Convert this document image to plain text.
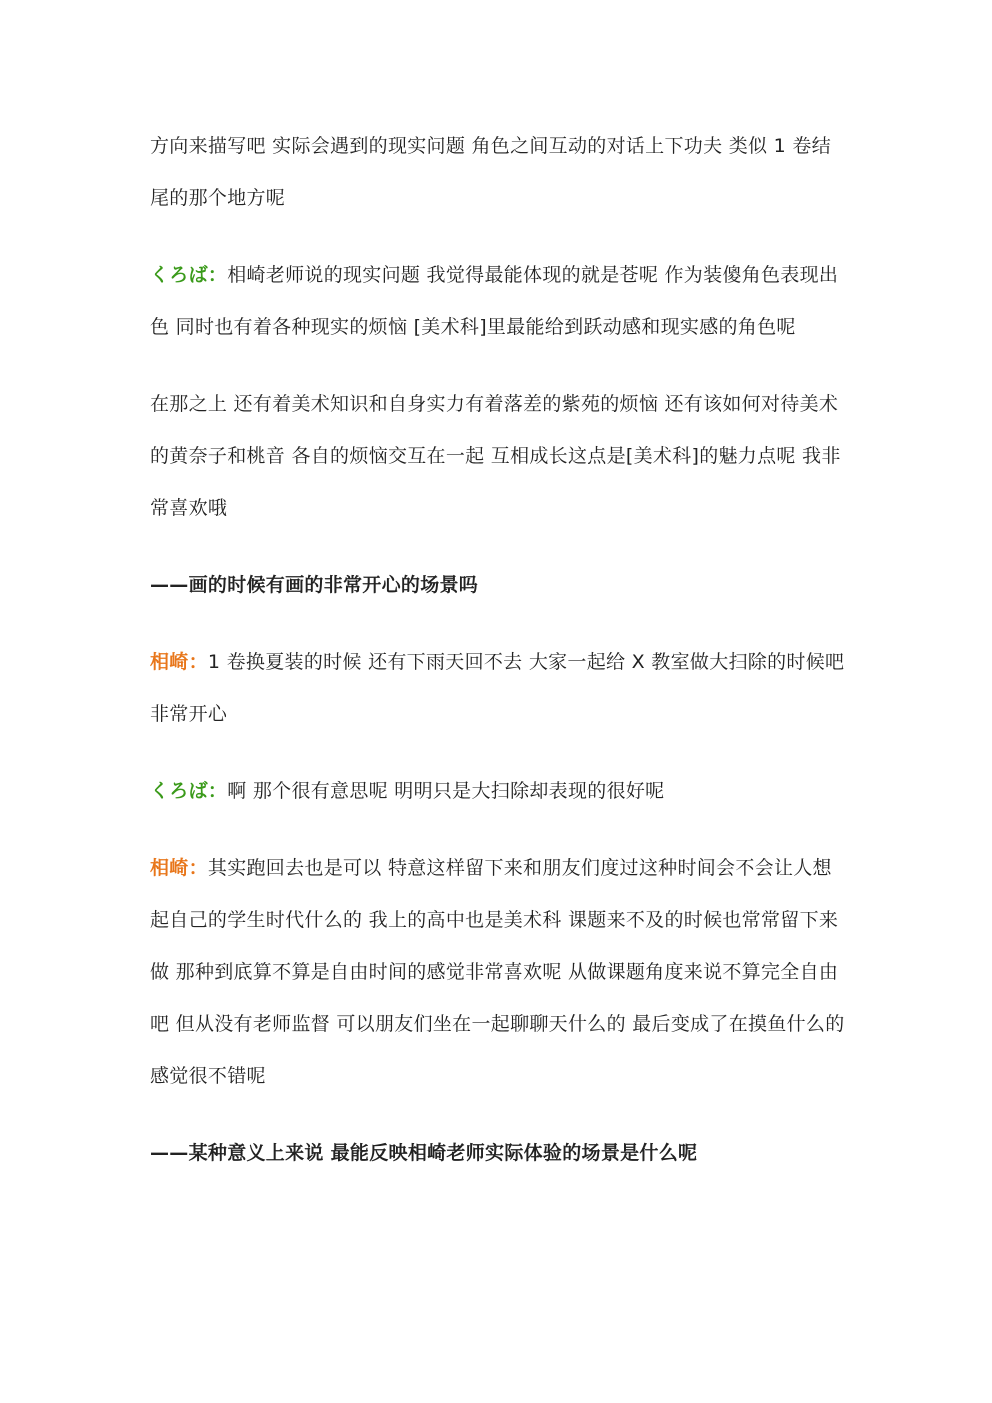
方向来描写吧 实际会遇到的现实问题 角色之间互动的对话上下功夫 类似 1 卷结尾的那个地方呢

くろば：相崎老师说的现实问题 我觉得最能体现的就是苍呢 作为装傻角色表现出色 同时也有着各种现实的烦恼 [美术科]里最能给到跃动感和现实感的角色呢

在那之上 还有着美术知识和自身实力有着落差的紫苑的烦恼 还有该如何对待美术的黄奈子和桃音 各自的烦恼交互在一起 互相成长这点是[美术科]的魅力点呢 我非常喜欢哦

——画的时候有画的非常开心的场景吗

相崎：1 卷换夏装的时候 还有下雨天回不去 大家一起给 X 教室做大扫除的时候吧 非常开心

くろば：啊 那个很有意思呢 明明只是大扫除却表现的很好呢

相崎：其实跑回去也是可以 特意这样留下来和朋友们度过这种时间会不会让人想起自己的学生时代什么的 我上的高中也是美术科 课题来不及的时候也常常留下来做 那种到底算不算是自由时间的感觉非常喜欢呢 从做课题角度来说不算完全自由吧 但从没有老师监督 可以朋友们坐在一起聊聊天什么的 最后变成了在摸鱼什么的 感觉很不错呢

——某种意义上来说 最能反映相崎老师实际体验的场景是什么呢
